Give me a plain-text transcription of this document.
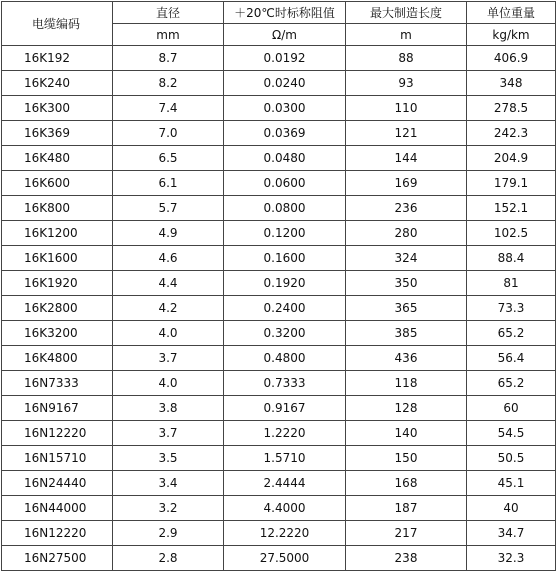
电缆编码	直径	＋20℃时标称阻值	最大制造长度	单位重量
	mm	Ω/m	m	kg/km
16K192	8.7	0.0192	88	406.9
16K240	8.2	0.0240	93	348
16K300	7.4	0.0300	110	278.5
16K369	7.0	0.0369	121	242.3
16K480	6.5	0.0480	144	204.9
16K600	6.1	0.0600	169	179.1
16K800	5.7	0.0800	236	152.1
16K1200	4.9	0.1200	280	102.5
16K1600	4.6	0.1600	324	88.4
16K1920	4.4	0.1920	350	81
16K2800	4.2	0.2400	365	73.3
16K3200	4.0	0.3200	385	65.2
16K4800	3.7	0.4800	436	56.4
16N7333	4.0	0.7333	118	65.2
16N9167	3.8	0.9167	128	60
16N12220	3.7	1.2220	140	54.5
16N15710	3.5	1.5710	150	50.5
16N24440	3.4	2.4444	168	45.1
16N44000	3.2	4.4000	187	40
16N12220	2.9	12.2220	217	34.7
16N27500	2.8	27.5000	238	32.3
